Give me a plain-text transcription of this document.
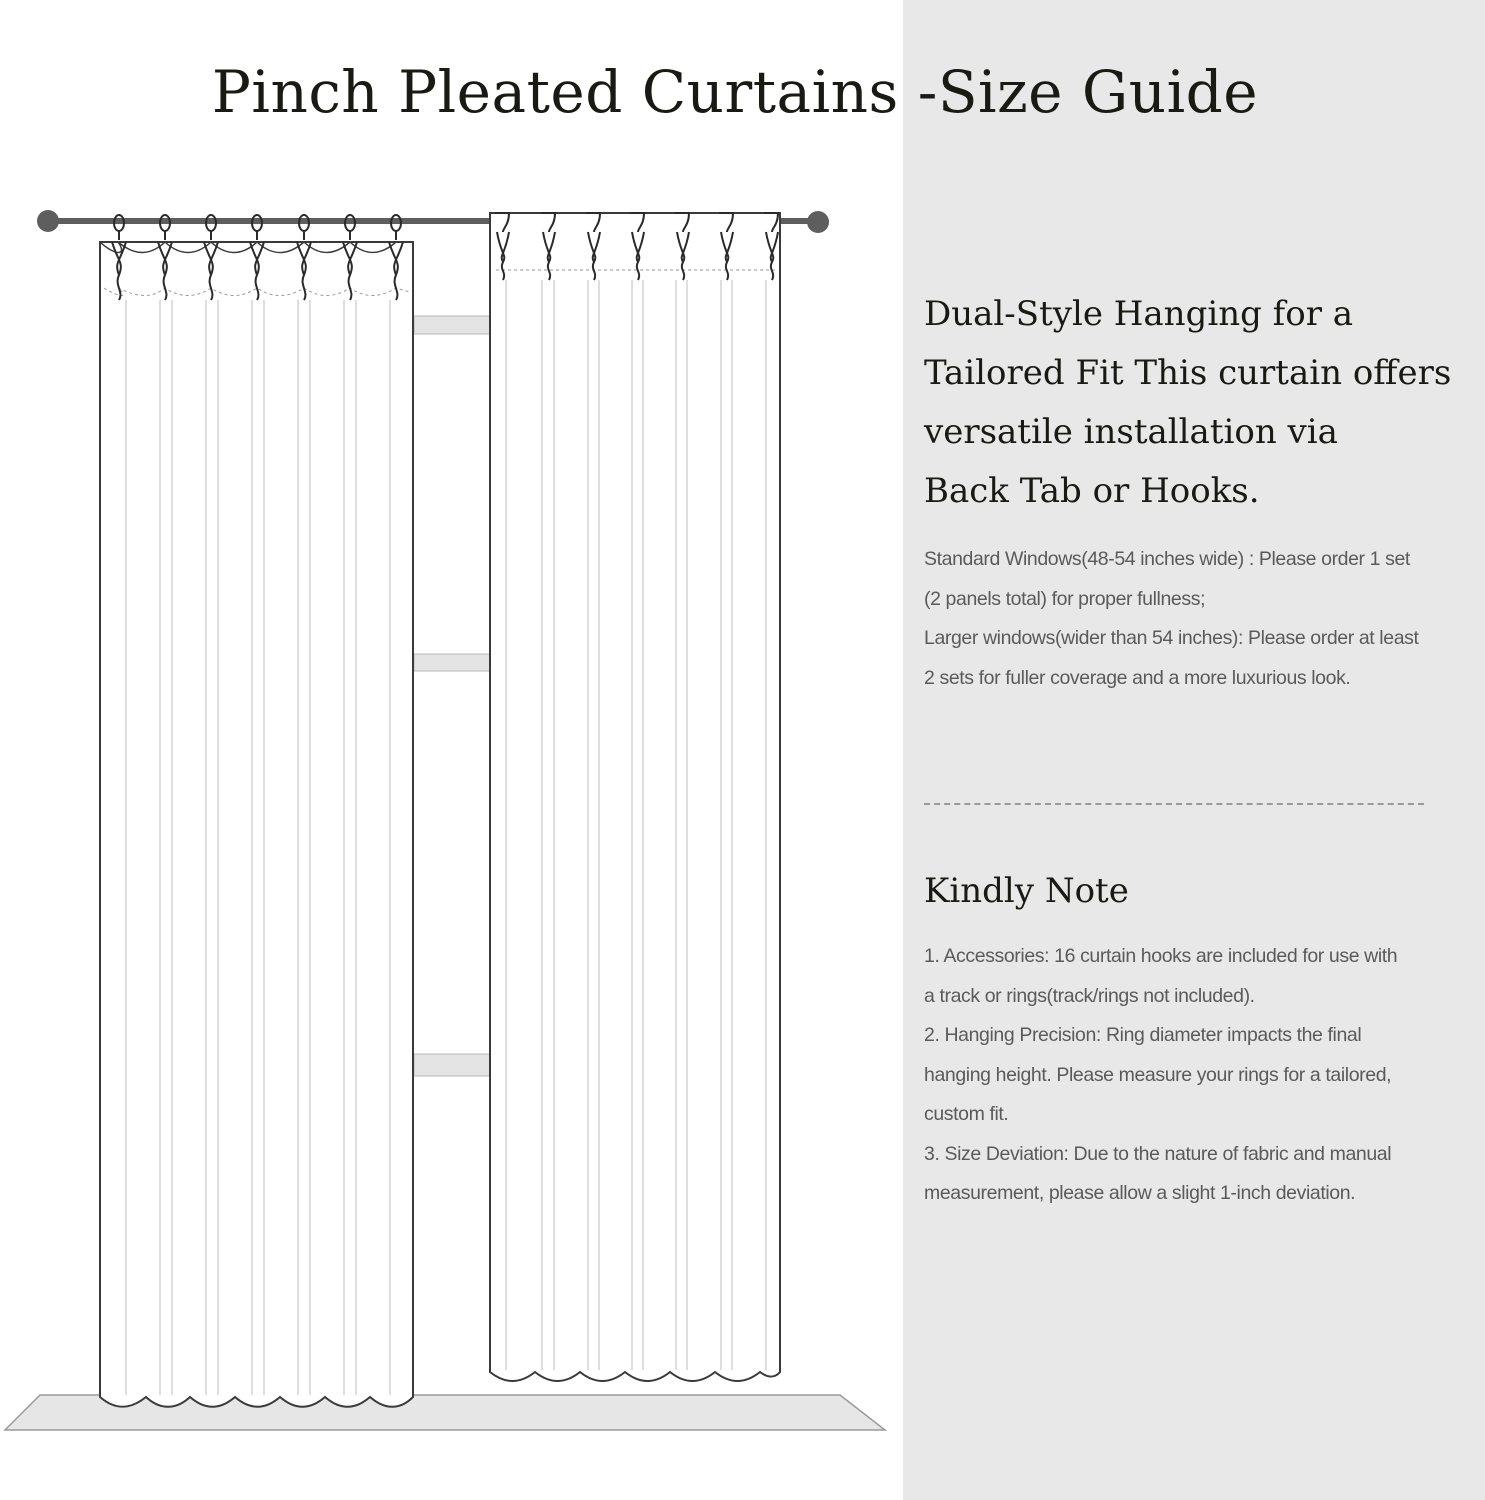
Pinch Pleated Curtains -Size Guide
Dual-Style Hanging for a
Tailored Fit This curtain offers
versatile installation via
Back Tab or Hooks.
Standard Windows(48-54 inches wide) : Please order 1 set
(2 panels total) for proper fullness;
Larger windows(wider than 54 inches): Please order at least
2 sets for fuller coverage and a more luxurious look.
Kindly Note
1. Accessories: 16 curtain hooks are included for use with
a track or rings(track/rings not included).
2. Hanging Precision: Ring diameter impacts the final
hanging height. Please measure your rings for a tailored,
custom fit.
3. Size Deviation: Due to the nature of fabric and manual
measurement, please allow a slight 1-inch deviation.
